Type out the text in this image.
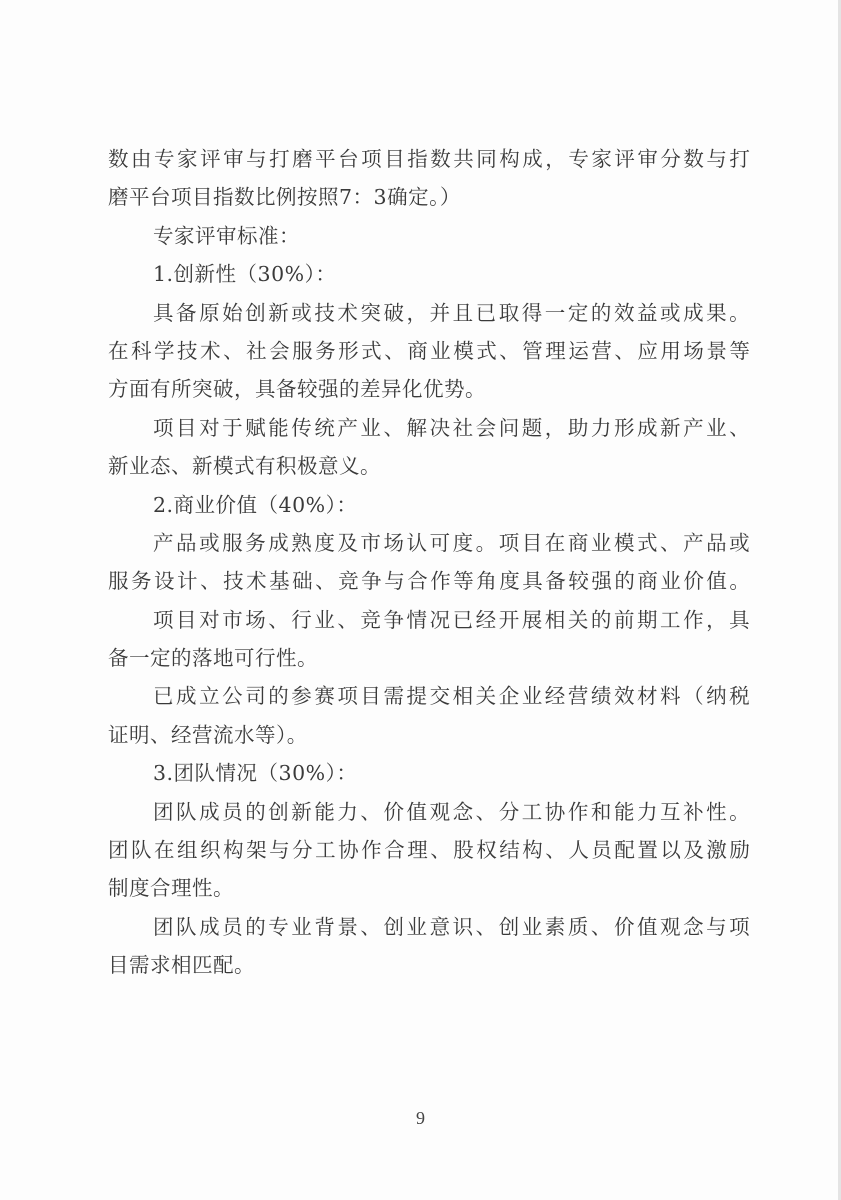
数 由 专 家 评 审 与 打 磨 平 台 项 目 指 数 共 同 构 成 ， 专 家 评 审 分 数 与 打
磨平台项目指数比例按照7：3确定。）
专家评审标准：
1.创新性（30%）：
具 备 原 始 创 新 或 技 术 突 破 ， 并 且 已 取 得 一 定 的 效 益 或 成 果 。
在 科 学 技 术 、 社 会 服 务 形 式 、 商 业 模 式 、 管 理 运 营 、 应 用 场 景 等
方面有所突破，具备较强的差异化优势。
项 目 对 于 赋 能 传 统 产 业 、 解 决 社 会 问 题 ， 助 力 形 成 新 产 业 、
新业态、新模式有积极意义。
2.商业价值（40%）：
产 品 或 服 务 成 熟 度 及 市 场 认 可 度 。 项 目 在 商 业 模 式 、 产 品 或
服 务 设 计 、 技 术 基 础 、 竞 争 与 合 作 等 角 度 具 备 较 强 的 商 业 价 值 。
项 目 对 市 场 、 行 业 、 竞 争 情 况 已 经 开 展 相 关 的 前 期 工 作 ， 具
备一定的落地可行性。
已 成 立 公 司 的 参 赛 项 目 需 提 交 相 关 企 业 经 营 绩 效 材 料 （ 纳 税
证明、经营流水等）。
3.团队情况（30%）：
团 队 成 员 的 创 新 能 力 、 价 值 观 念 、 分 工 协 作 和 能 力 互 补 性 。
团 队 在 组 织 构 架 与 分 工 协 作 合 理 、 股 权 结 构 、 人 员 配 置 以 及 激 励
制度合理性。
团 队 成 员 的 专 业 背 景 、 创 业 意 识 、 创 业 素 质 、 价 值 观 念 与 项
目需求相匹配。
9
